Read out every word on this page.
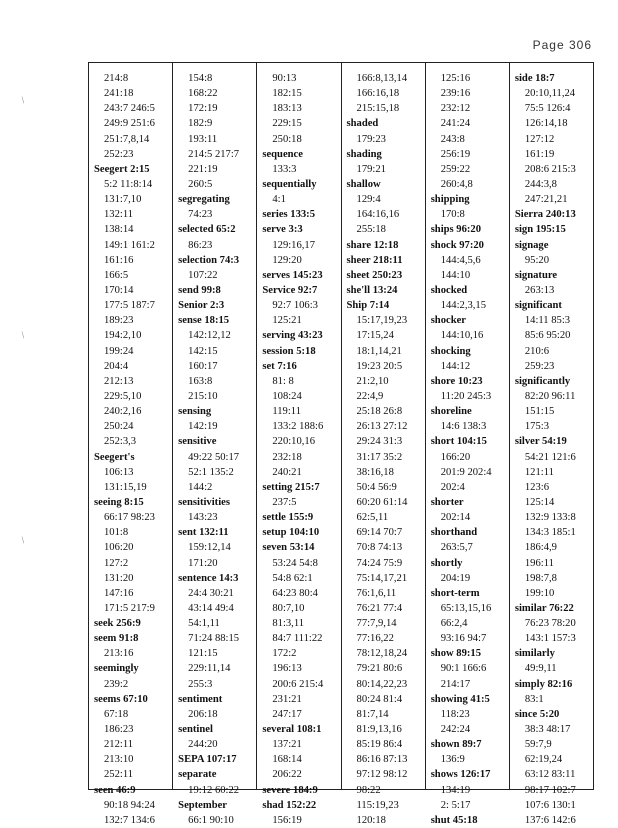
Page 306
/
/
/
214:8
241:18
243:7 246:5
249:9 251:6
251:7,8,14
252:23
Seegert 2:15
5:2 11:8:14
131:7,10
132:11
138:14
149:1 161:2
161:16
166:5
170:14
177:5 187:7
189:23
194:2,10
199:24
204:4
212:13
229:5,10
240:2,16
250:24
252:3,3
Seegert's
106:13
131:15,19
seeing 8:15
66:17 98:23
101:8
106:20
127:2
131:20
147:16
171:5 217:9
seek 256:9
seem 91:8
213:16
seemingly
239:2
seems 67:10
67:18
186:23
212:11
213:10
252:11
seen 46:9
90:18 94:24
132:7 134:6
154:8
168:22
172:19
182:9
193:11
214:5 217:7
221:19
260:5
segregating
74:23
selected 65:2
86:23
selection 74:3
107:22
send 99:8
Senior 2:3
sense 18:15
142:12,12
142:15
160:17
163:8
215:10
sensing
142:19
sensitive
49:22 50:17
52:1 135:2
144:2
sensitivities
143:23
sent 132:11
159:12,14
171:20
sentence 14:3
24:4 30:21
43:14 49:4
54:1,11
71:24 88:15
121:15
229:11,14
255:3
sentiment
206:18
sentinel
244:20
SEPA 107:17
separate
19:12 60:22
September
66:1 90:10
90:13
182:15
183:13
229:15
250:18
sequence
133:3
sequentially
4:1
series 133:5
serve 3:3
129:16,17
129:20
serves 145:23
Service 92:7
92:7 106:3
125:21
serving 43:23
session 5:18
set 7:16
81: 8
108:24
119:11
133:2 188:6
220:10,16
232:18
240:21
setting 215:7
237:5
settle 155:9
setup 104:10
seven 53:14
53:24 54:8
54:8 62:1
64:23 80:4
80:7,10
81:3,11
84:7 111:22
172:2
196:13
200:6 215:4
231:21
247:17
several 108:1
137:21
168:14
206:22
severe 184:9
shad 152:22
156:19
166:8,13,14
166:16,18
215:15,18
shaded
179:23
shading
179:21
shallow
129:4
164:16,16
255:18
share 12:18
sheer 218:11
sheet 250:23
she'll 13:24
Ship 7:14
15:17,19,23
17:15,24
18:1,14,21
19:23 20:5
21:2,10
22:4,9
25:18 26:8
26:13 27:12
29:24 31:3
31:17 35:2
38:16,18
50:4 56:9
60:20 61:14
62:5,11
69:14 70:7
70:8 74:13
74:24 75:9
75:14,17,21
76:1,6,11
76:21 77:4
77:7,9,14
77:16,22
78:12,18,24
79:21 80:6
80:14,22,23
80:24 81:4
81:7,14
81:9,13,16
85:19 86:4
86:16 87:13
97:12 98:12
98:22
115:19,23
120:18
125:16
239:16
232:12
241:24
243:8
256:19
259:22
260:4,8
shipping
170:8
ships 96:20
shock 97:20
144:4,5,6
144:10
shocked
144:2,3,15
shocker
144:10,16
shocking
144:12
shore 10:23
11:20 245:3
shoreline
14:6 138:3
short 104:15
166:20
201:9 202:4
202:4
shorter
202:14
shorthand
263:5,7
shortly
204:19
short-term
65:13,15,16
66:2,4
93:16 94:7
show 89:15
90:1 166:6
214:17
showing 41:5
118:23
242:24
shown 89:7
136:9
shows 126:17
134:19
2: 5:17
shut 45:18
side 18:7
20:10,11,24
75:5 126:4
126:14,18
127:12
161:19
208:6 215:3
244:3,8
247:21,21
Sierra 240:13
sign 195:15
signage
95:20
signature
263:13
significant
14:11 85:3
85:6 95:20
210:6
259:23
significantly
82:20 96:11
151:15
175:3
silver 54:19
54:21 121:6
121:11
123:6
125:14
132:9 133:8
134:3 185:1
186:4,9
196:11
198:7,8
199:10
similar 76:22
76:23 78:20
143:1 157:3
similarly
49:9,11
simply 82:16
83:1
since 5:20
38:3 48:17
59:7,9
62:19,24
63:12 83:11
98:17 102:7
107:6 130:1
137:6 142:6
